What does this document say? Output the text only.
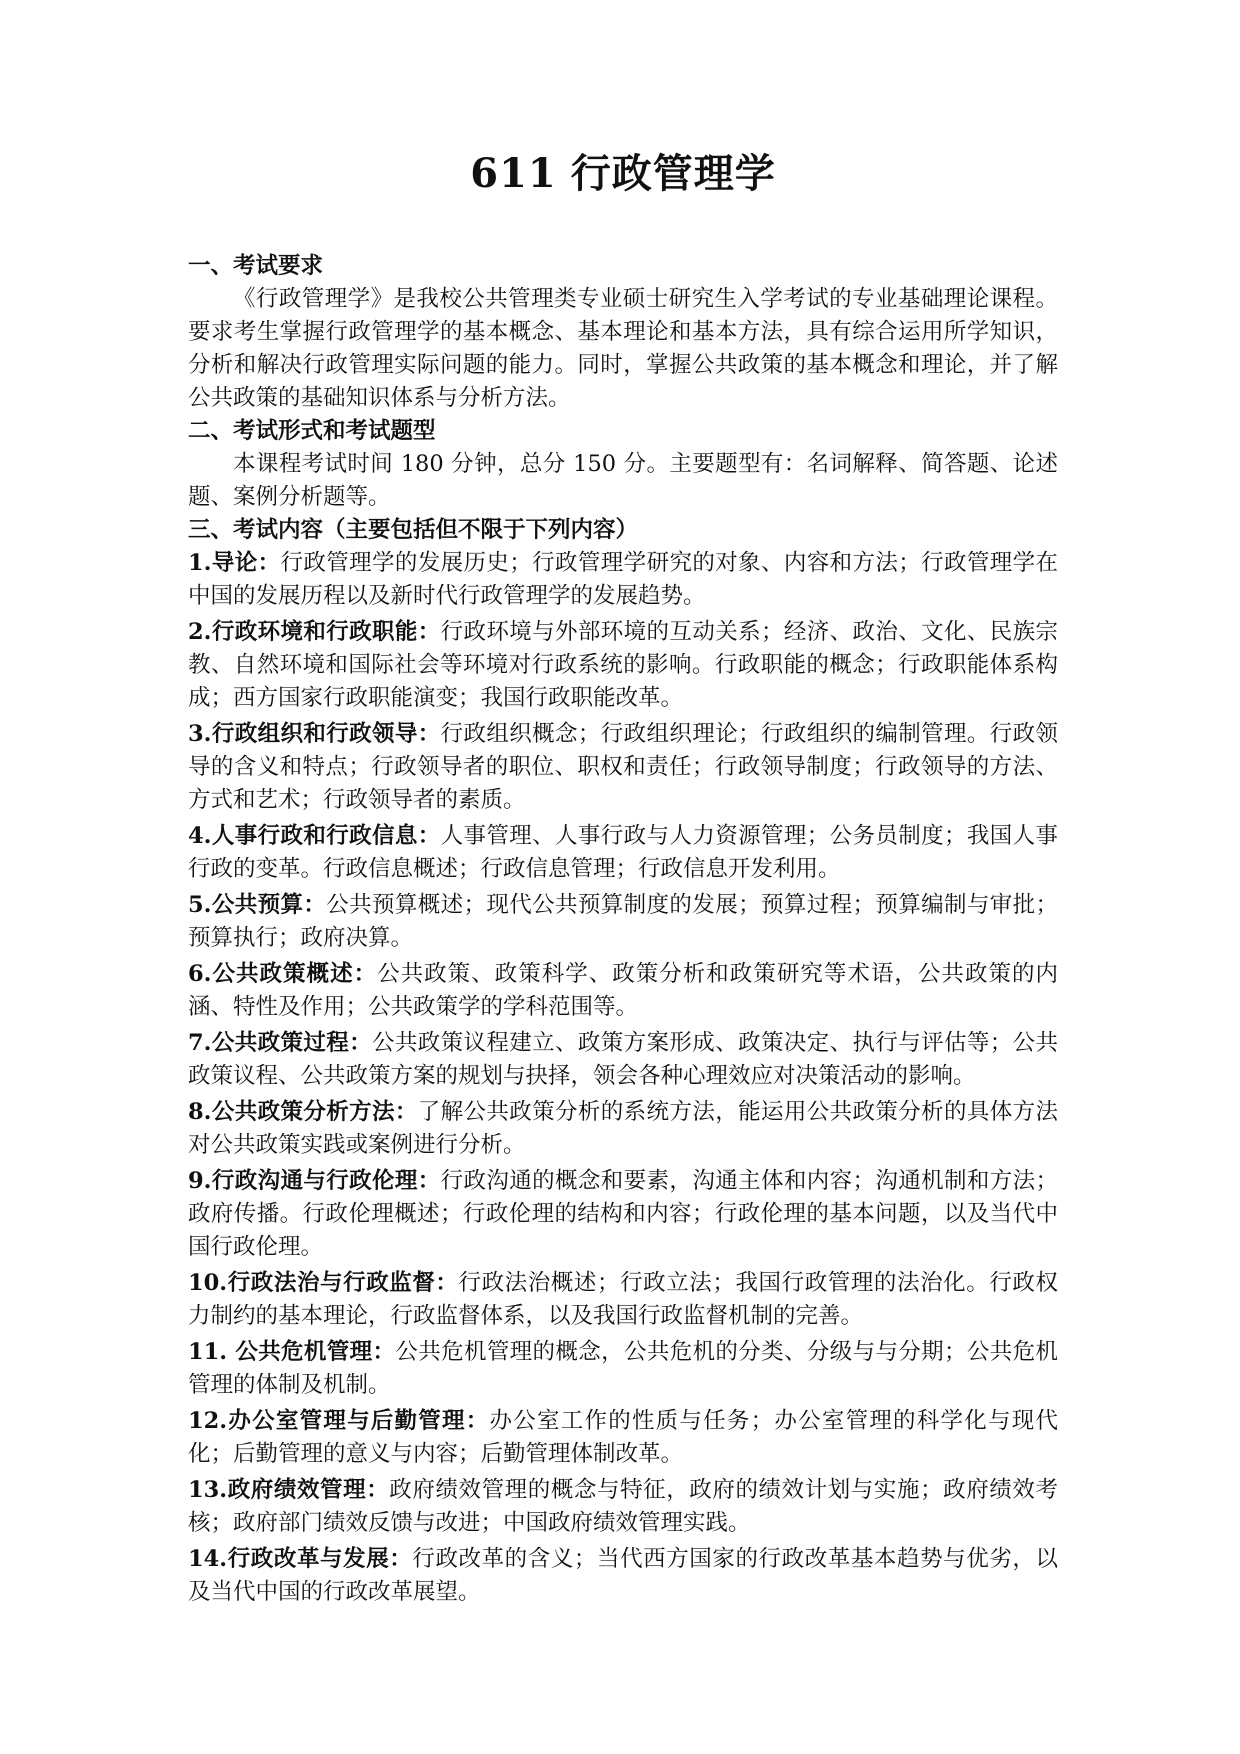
611 行政管理学

一、考试要求

《行政管理学》是我校公共管理类专业硕士研究生入学考试的专业基础理论课程。要求考生掌握行政管理学的基本概念、基本理论和基本方法，具有综合运用所学知识，分析和解决行政管理实际问题的能力。同时，掌握公共政策的基本概念和理论，并了解公共政策的基础知识体系与分析方法。

二、考试形式和考试题型

本课程考试时间 180 分钟，总分 150 分。主要题型有：名词解释、简答题、论述题、案例分析题等。

三、考试内容（主要包括但不限于下列内容）

1.导论：行政管理学的发展历史；行政管理学研究的对象、内容和方法；行政管理学在中国的发展历程以及新时代行政管理学的发展趋势。

2.行政环境和行政职能：行政环境与外部环境的互动关系；经济、政治、文化、民族宗教、自然环境和国际社会等环境对行政系统的影响。行政职能的概念；行政职能体系构成；西方国家行政职能演变；我国行政职能改革。

3.行政组织和行政领导：行政组织概念；行政组织理论；行政组织的编制管理。行政领导的含义和特点；行政领导者的职位、职权和责任；行政领导制度；行政领导的方法、方式和艺术；行政领导者的素质。

4.人事行政和行政信息：人事管理、人事行政与人力资源管理；公务员制度；我国人事行政的变革。行政信息概述；行政信息管理；行政信息开发利用。

5.公共预算：公共预算概述；现代公共预算制度的发展；预算过程；预算编制与审批；预算执行；政府决算。

6.公共政策概述：公共政策、政策科学、政策分析和政策研究等术语，公共政策的内涵、特性及作用；公共政策学的学科范围等。

7.公共政策过程：公共政策议程建立、政策方案形成、政策决定、执行与评估等；公共政策议程、公共政策方案的规划与抉择，领会各种心理效应对决策活动的影响。

8.公共政策分析方法：了解公共政策分析的系统方法，能运用公共政策分析的具体方法对公共政策实践或案例进行分析。

9.行政沟通与行政伦理：行政沟通的概念和要素，沟通主体和内容；沟通机制和方法；政府传播。行政伦理概述；行政伦理的结构和内容；行政伦理的基本问题，以及当代中国行政伦理。

10.行政法治与行政监督：行政法治概述；行政立法；我国行政管理的法治化。行政权力制约的基本理论，行政监督体系，以及我国行政监督机制的完善。

11. 公共危机管理：公共危机管理的概念，公共危机的分类、分级与与分期；公共危机管理的体制及机制。

12.办公室管理与后勤管理：办公室工作的性质与任务；办公室管理的科学化与现代化；后勤管理的意义与内容；后勤管理体制改革。

13.政府绩效管理：政府绩效管理的概念与特征，政府的绩效计划与实施；政府绩效考核；政府部门绩效反馈与改进；中国政府绩效管理实践。

14.行政改革与发展：行政改革的含义；当代西方国家的行政改革基本趋势与优劣，以及当代中国的行政改革展望。
